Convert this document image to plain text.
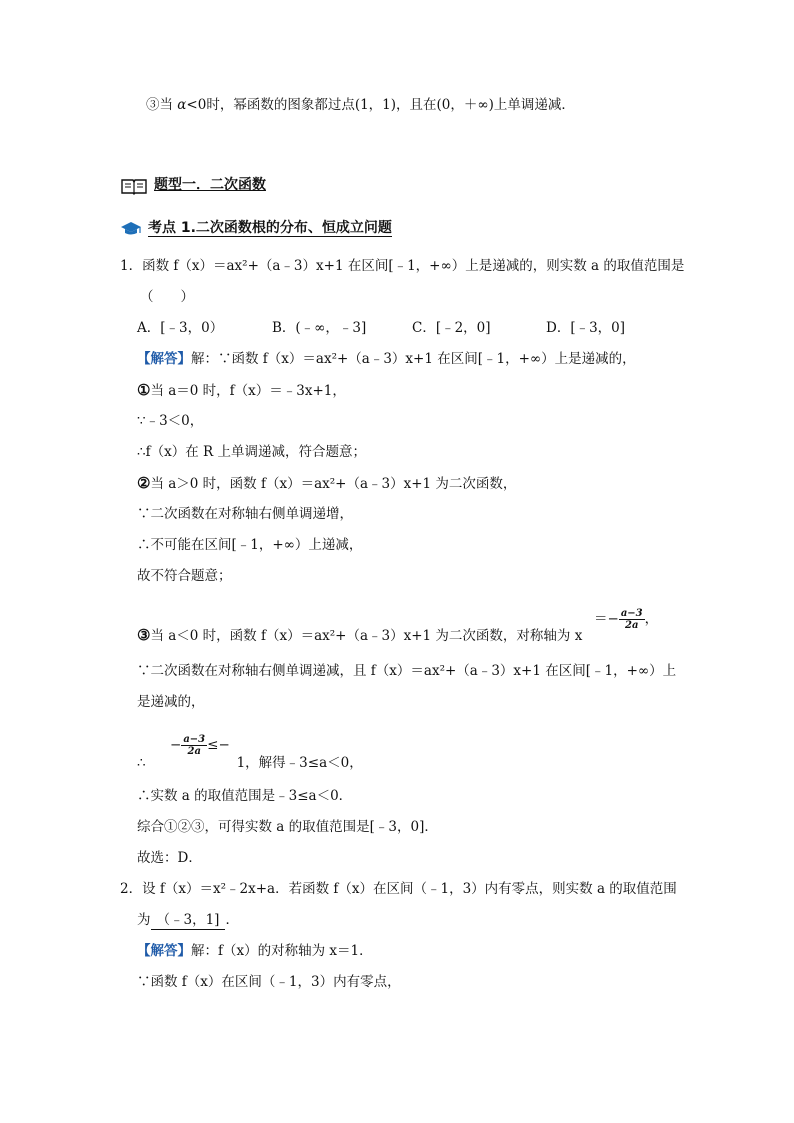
③当 α<0时，幂函数的图象都过点(1，1)，且在(0，＋∞)上单调递减．
题型一．二次函数
考点 1.二次函数根的分布、恒成立问题
1．函数 f（x）＝ax²+（a﹣3）x+1 在区间[﹣1，+∞）上是递减的，则实数 a 的取值范围是
（　　）
A．[﹣3，0）	B．(﹣∞，﹣3]	C．[﹣2，0]	D．[﹣3，0]
【解答】解：∵函数 f（x）＝ax²+（a﹣3）x+1 在区间[﹣1，+∞）上是递减的，
①当 a＝0 时，f（x）＝﹣3x+1，
∵﹣3＜0，
∴f（x）在 R 上单调递减，符合题意；
②当 a＞0 时，函数 f（x）＝ax²+（a﹣3）x+1 为二次函数，
∵二次函数在对称轴右侧单调递增，
∴不可能在区间[﹣1，+∞）上递减，
故不符合题意；
③当 a＜0 时，函数 f（x）＝ax²+（a﹣3）x+1 为二次函数，对称轴为 x
＝− $\frac{a-3}{2a}$ ，
∵二次函数在对称轴右侧单调递减，且 f（x）＝ax²+（a﹣3）x+1 在区间[﹣1，+∞）上
是递减的，
− $\frac{a-3}{2a}$ ≤−
∴	1，解得﹣3≤a＜0，
∴实数 a 的取值范围是﹣3≤a＜0．
综合①②③，可得实数 a 的取值范围是[﹣3，0]．
故选：D．
2．设 f（x）＝x²﹣2x+a．若函数 f（x）在区间（﹣1，3）内有零点，则实数 a 的取值范围
为 （﹣3，1] ．
【解答】解：f（x）的对称轴为 x＝1．
∵函数 f（x）在区间（﹣1，3）内有零点，
